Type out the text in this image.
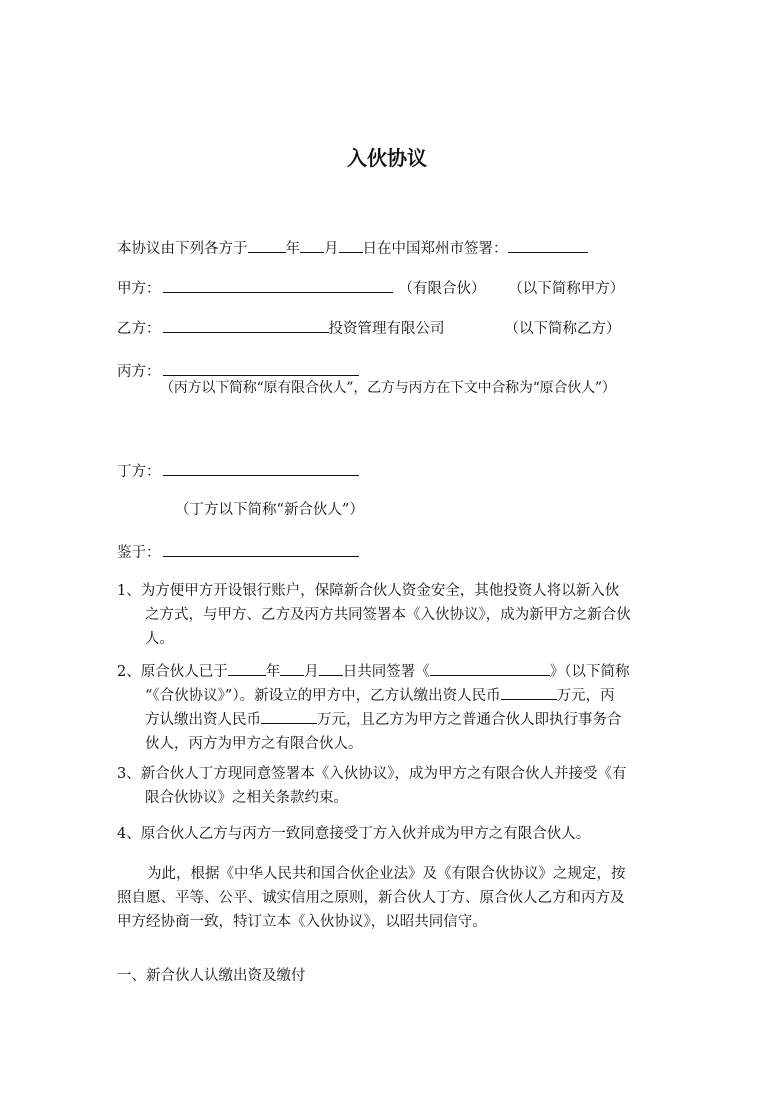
入伙协议
本协议由下列各方于	年 月 日在中国郑州市签署：
甲方：	（有限合伙） （以下简称甲方）
乙方：	投资管理有限公司	（以下简称乙方）
丙方：
（丙方以下简称“原有限合伙人”，乙方与丙方在下文中合称为“原合伙人”）
丁方：
（丁方以下简称“新合伙人”）
鉴于：
1、为方便甲方开设银行账户，保障新合伙人资金安全，其他投资人将以新入伙
之方式，与甲方、乙方及丙方共同签署本《入伙协议》，成为新甲方之新合伙
人。
2、原合伙人已于	年 月 日共同签署《	》（以下简称
“《合伙协议》”）。新设立的甲方中，乙方认缴出资人民币	万元，丙
方认缴出资人民币	万元，且乙方为甲方之普通合伙人即执行事务合
伙人，丙方为甲方之有限合伙人。
3、新合伙人丁方现同意签署本《入伙协议》，成为甲方之有限合伙人并接受《有
限合伙协议》之相关条款约束。
4、原合伙人乙方与丙方一致同意接受丁方入伙并成为甲方之有限合伙人。
为此，根据《中华人民共和国合伙企业法》及《有限合伙协议》之规定，按
照自愿、平等、公平、诚实信用之原则，新合伙人丁方、原合伙人乙方和丙方及
甲方经协商一致，特订立本《入伙协议》，以昭共同信守。
一、新合伙人认缴出资及缴付
